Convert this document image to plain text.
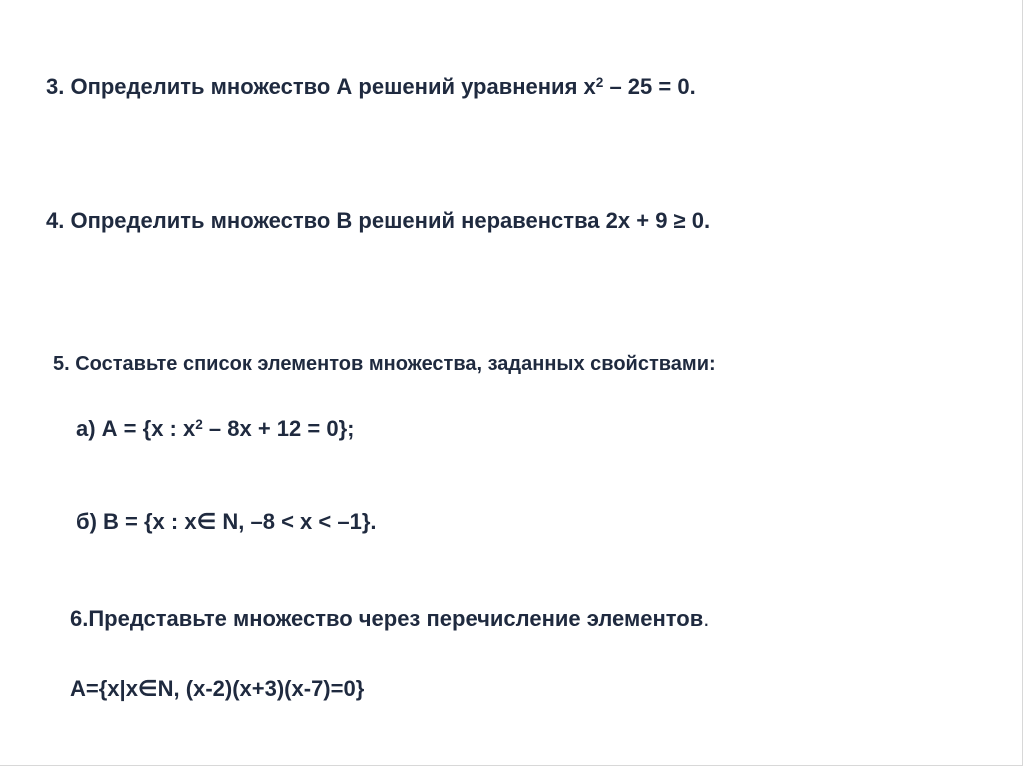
3. Определить множество А решений уравнения $х^2 - 25 = 0$.
4. Определить множество В решений неравенства 2х + 9 ≥ 0.
5. Составьте список элементов множества, заданных свойствами:
а) А = {х : $х^2 - 8х + 12 = 0$};
б) В = {х : х∈ N, –8 < х < –1}.
6.Представьте множество через перечисление элементов.
A={x|x∈N, (x-2)(x+3)(x-7)=0}
